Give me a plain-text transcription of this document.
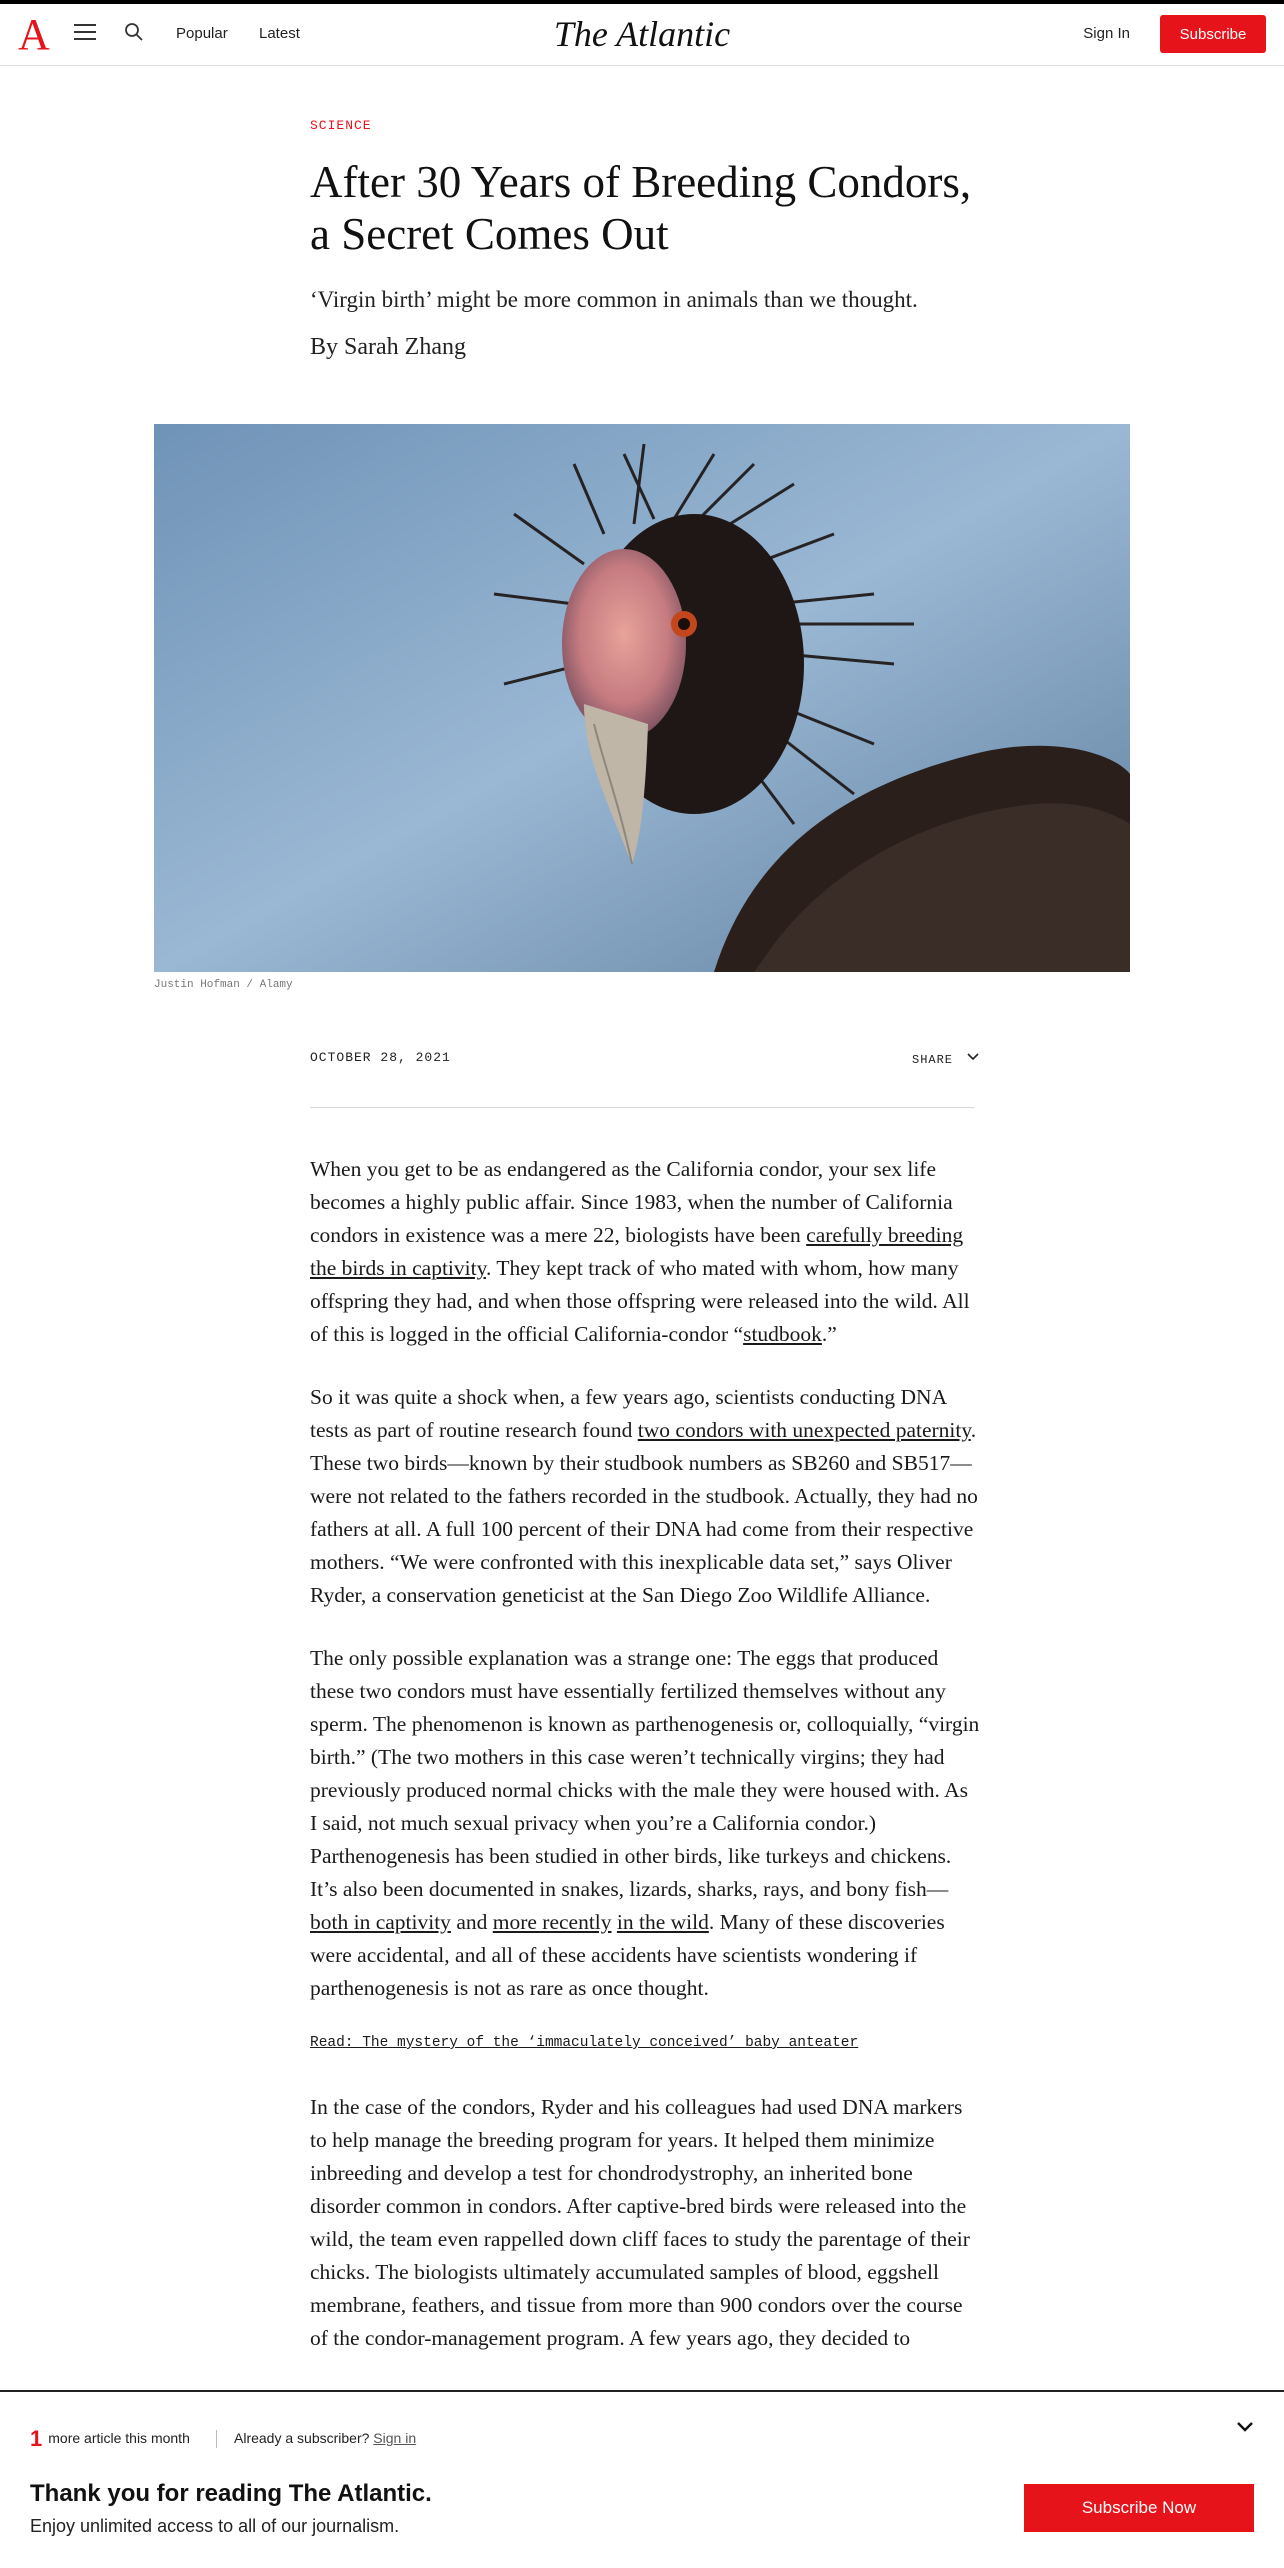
A	Popular Latest	The Atlantic	Sign In	Subscribe
SCIENCE
After 30 Years of Breeding Condors,
a Secret Comes Out

‘Virgin birth’ might be more common in animals than we thought.

By Sarah Zhang

Justin Hofman / Alamy
OCTOBER 28, 2021	SHARE

When you get to be as endangered as the California condor, your sex life becomes a highly public affair. Since 1983, when the number of California condors in existence was a mere 22, biologists have been carefully breeding the birds in captivity. They kept track of who mated with whom, how many offspring they had, and when those offspring were released into the wild. All of this is logged in the official California-condor “studbook.”

So it was quite a shock when, a few years ago, scientists conducting DNA tests as part of routine research found two condors with unexpected paternity. These two birds—known by their studbook numbers as SB260 and SB517—were not related to the fathers recorded in the studbook. Actually, they had no fathers at all. A full 100 percent of their DNA had come from their respective mothers. “We were confronted with this inexplicable data set,” says Oliver Ryder, a conservation geneticist at the San Diego Zoo Wildlife Alliance.

The only possible explanation was a strange one: The eggs that produced these two condors must have essentially fertilized themselves without any sperm. The phenomenon is known as parthenogenesis or, colloquially, “virgin birth.” (The two mothers in this case weren’t technically virgins; they had previously produced normal chicks with the male they were housed with. As I said, not much sexual privacy when you’re a California condor.) Parthenogenesis has been studied in other birds, like turkeys and chickens. It’s also been documented in snakes, lizards, sharks, rays, and bony fish—both in captivity and more recently in the wild. Many of these discoveries were accidental, and all of these accidents have scientists wondering if parthenogenesis is not as rare as once thought.

Read: The mystery of the ‘immaculately conceived’ baby anteater

In the case of the condors, Ryder and his colleagues had used DNA markers to help manage the breeding program for years. It helped them minimize inbreeding and develop a test for chondrodystrophy, an inherited bone disorder common in condors. After captive-bred birds were released into the wild, the team even rappelled down cliff faces to study the parentage of their chicks. The biologists ultimately accumulated samples of blood, eggshell membrane, feathers, and tissue from more than 900 condors over the course of the condor-management program. A few years ago, they decided to

1 more article this month	Already a subscriber? Sign in
Thank you for reading The Atlantic.
Enjoy unlimited access to all of our journalism.
Subscribe Now
